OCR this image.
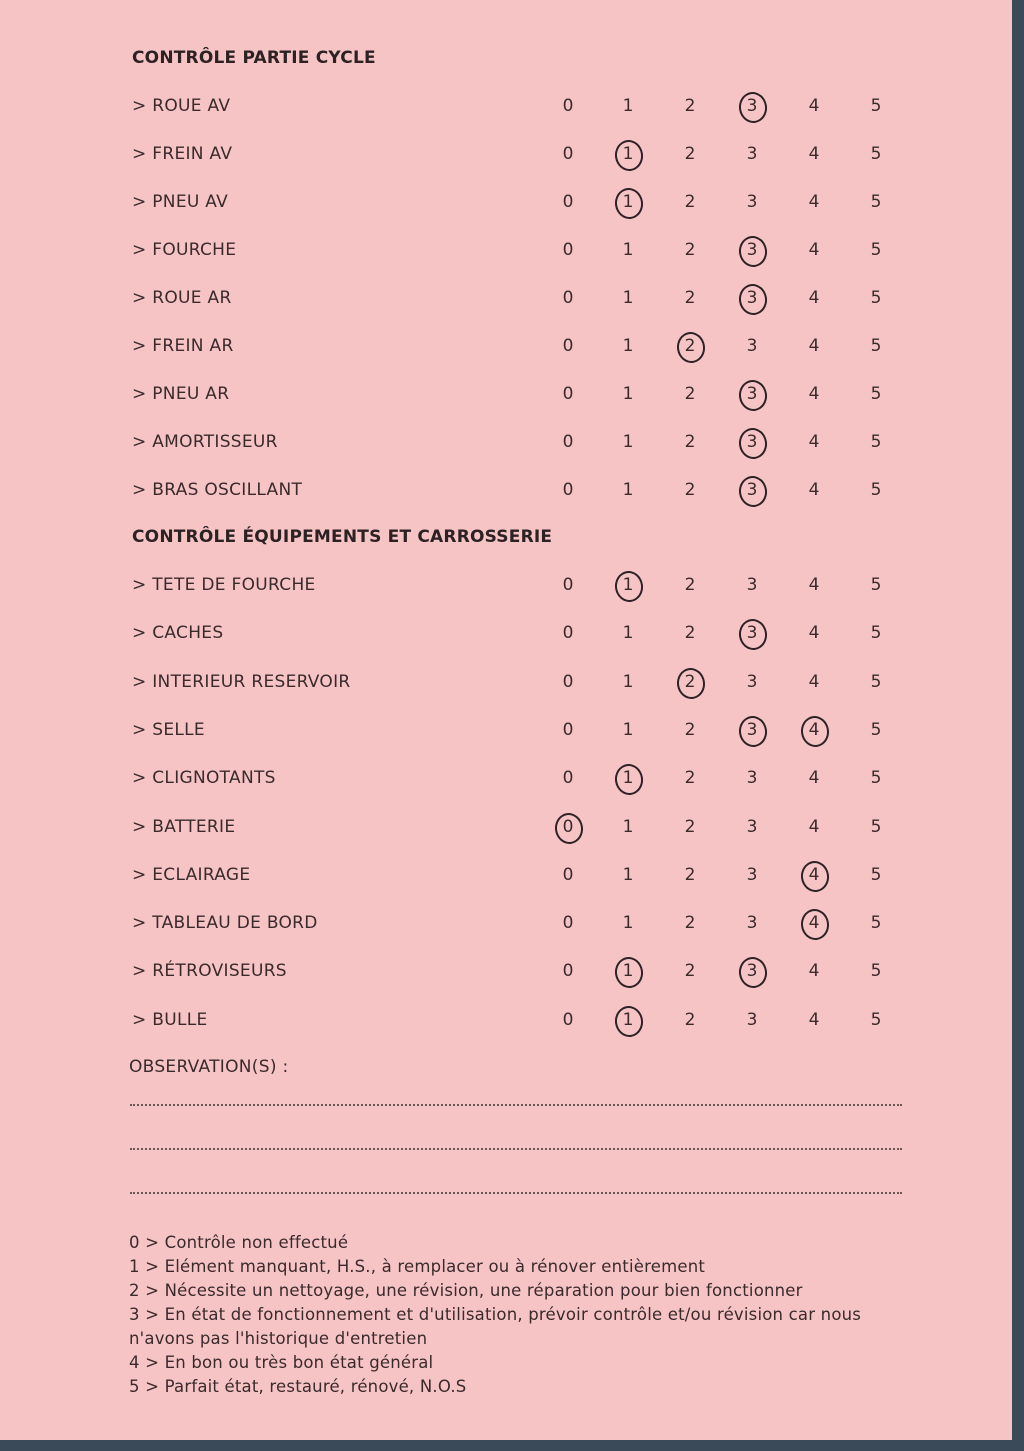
CONTRÔLE PARTIE CYCLE
> ROUE AV	0	1	2	3	4	5
> FREIN AV	0	1	2	3	4	5
> PNEU AV	0	1	2	3	4	5
> FOURCHE	0	1	2	3	4	5
> ROUE AR	0	1	2	3	4	5
> FREIN AR	0	1	2	3	4	5
> PNEU AR	0	1	2	3	4	5
> AMORTISSEUR	0	1	2	3	4	5
> BRAS OSCILLANT	0	1	2	3	4	5
CONTRÔLE ÉQUIPEMENTS ET CARROSSERIE
> TETE DE FOURCHE	0	1	2	3	4	5
> CACHES	0	1	2	3	4	5
> INTERIEUR RESERVOIR	0	1	2	3	4	5
> SELLE	0	1	2	3	4	5
> CLIGNOTANTS	0	1	2	3	4	5
> BATTERIE	0	1	2	3	4	5
> ECLAIRAGE	0	1	2	3	4	5
> TABLEAU DE BORD	0	1	2	3	4	5
> RÉTROVISEURS	0	1	2	3	4	5
> BULLE	0	1	2	3	4	5
OBSERVATION(S) :

0 > Contrôle non effectué

1 > Elément manquant, H.S., à remplacer ou à rénover entièrement

2 > Nécessite un nettoyage, une révision, une réparation pour bien fonctionner

3 > En état de fonctionnement et d'utilisation, prévoir contrôle et/ou révision car nous n'avons pas l'historique d'entretien

4 > En bon ou très bon état général

5 > Parfait état, restauré, rénové, N.O.S
